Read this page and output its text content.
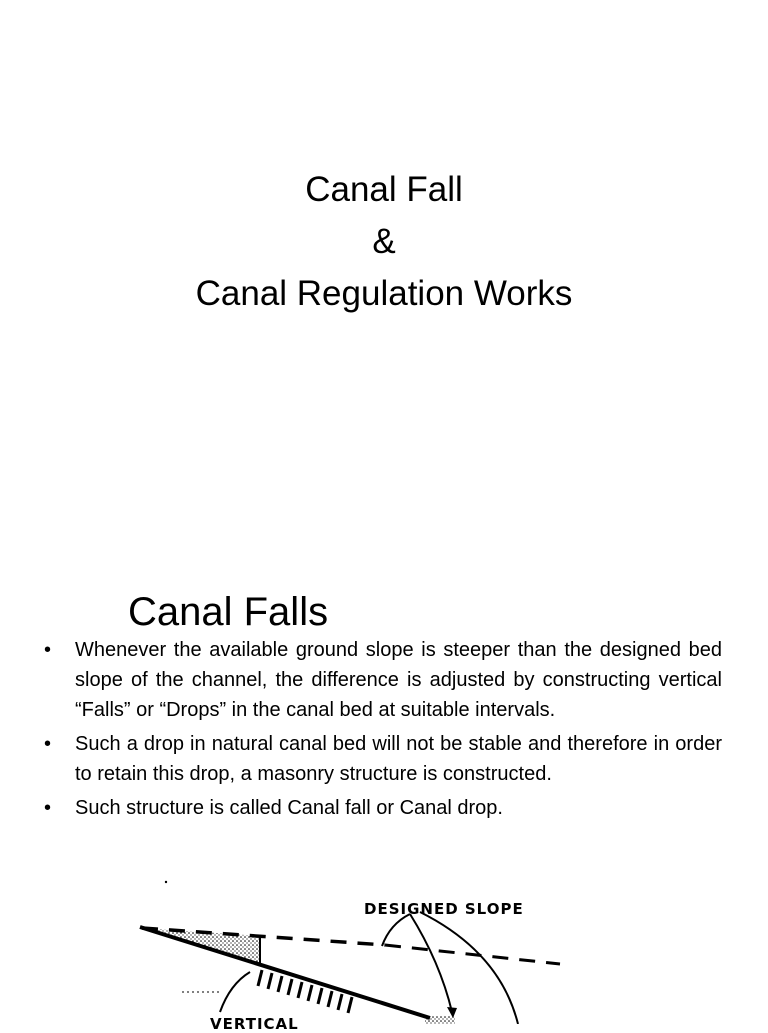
Canal Fall
&
Canal Regulation Works
Canal Falls
• Whenever the available ground slope is steeper than the designed bed slope of the channel, the difference is adjusted by constructing vertical “Falls” or “Drops” in the canal bed at suitable intervals.
• Such a drop in natural canal bed will not be stable and therefore in order to retain this drop, a masonry structure is constructed.
• Such structure is called Canal fall or Canal drop.
DESIGNED SLOPE
VERTICAL
